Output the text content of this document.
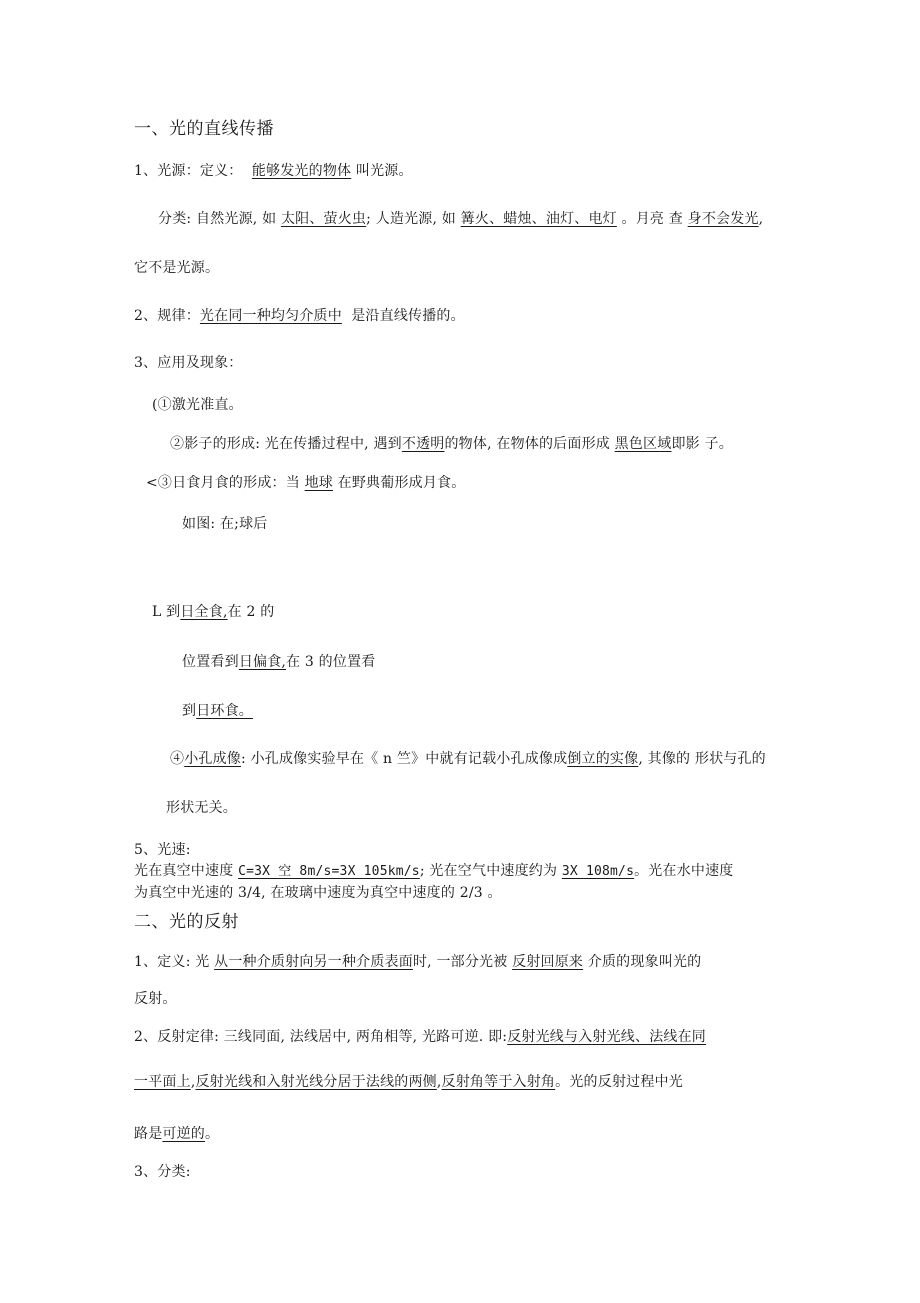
一、光的直线传播
1、光源：定义： 能够发光的物体 叫光源。
分类: 自然光源, 如 太阳、萤火虫; 人造光源, 如 篝火、蜡烛、油灯、电灯 。月亮 查 身不会发光,
它不是光源。
2、规律：光在同一种均匀介质中 是沿直线传播的。
3、应用及现象：
(①激光准直。
②影子的形成: 光在传播过程中, 遇到不透明的物体, 在物体的后面形成 黑色区域即影 子。
<③日食月食的形成：当 地球 在野典葡形成月食。
如图: 在;球后
L 到日全食,在 2 的
位置看到日偏食,在 3 的位置看
到日环食。
④小孔成像: 小孔成像实验早在《 n 竺》中就有记载小孔成像成倒立的实像, 其像的 形状与孔的
形状无关。
5、光速:
光在真空中速度 C=3X 空 8m/s=3X 105km/s; 光在空气中速度约为 3X 108m/s。光在水中速度
为真空中光速的 3/4, 在玻璃中速度为真空中速度的 2/3 。
二、光的反射
1、定义: 光 从一种介质射向另一种介质表面时, 一部分光被 反射回原来 介质的现象叫光的
反射。
2、反射定律: 三线同面, 法线居中, 两角相等, 光路可逆. 即:反射光线与入射光线、法线在同
一平面上,反射光线和入射光线分居于法线的两侧,反射角等于入射角。光的反射过程中光
路是可逆的。
3、分类:
